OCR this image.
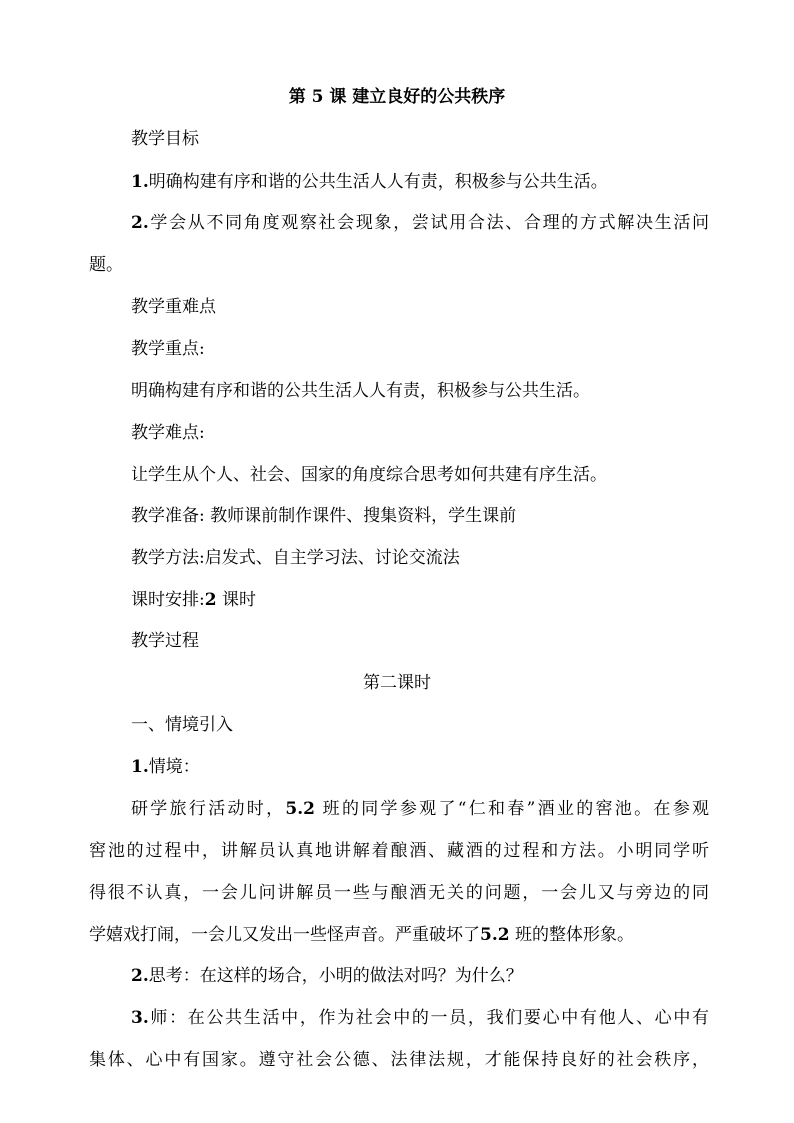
第 5 课 建立良好的公共秩序
教学目标
1.明确构建有序和谐的公共生活人人有责，积极参与公共生活。
2.学会从不同角度观察社会现象，尝试用合法、合理的方式解决生活问
题。
教学重难点
教学重点:
明确构建有序和谐的公共生活人人有责，积极参与公共生活。
教学难点:
让学生从个人、社会、国家的角度综合思考如何共建有序生活。
教学准备: 教师课前制作课件、搜集资料，学生课前
教学方法:启发式、自主学习法、讨论交流法
课时安排:2 课时
教学过程
第二课时
一、情境引入
1.情境：
研学旅行活动时，5.2 班的同学参观了“仁和春”酒业的窖池。在参观
窖池的过程中，讲解员认真地讲解着酿酒、藏酒的过程和方法。小明同学听
得很不认真，一会儿问讲解员一些与酿酒无关的问题，一会儿又与旁边的同
学嬉戏打闹，一会儿又发出一些怪声音。严重破坏了5.2 班的整体形象。
2.思考：在这样的场合，小明的做法对吗？为什么？
3.师：在公共生活中，作为社会中的一员，我们要心中有他人、心中有
集体、心中有国家。遵守社会公德、法律法规，才能保持良好的社会秩序，
